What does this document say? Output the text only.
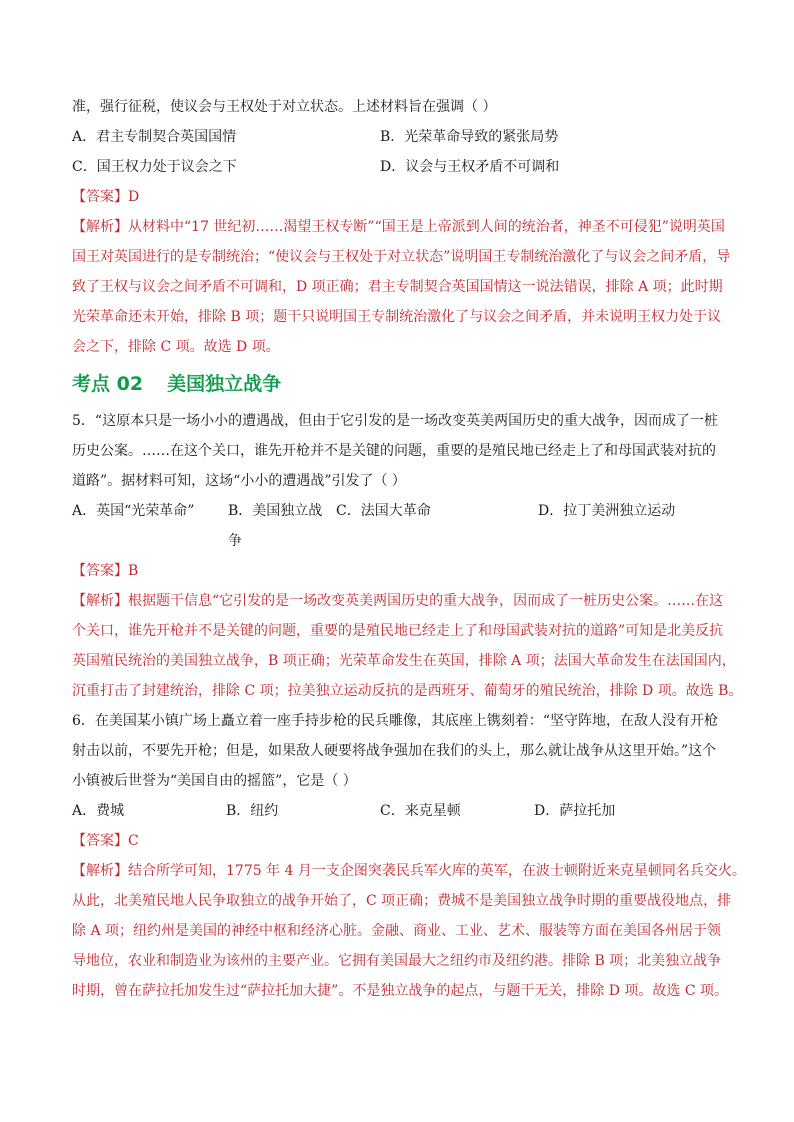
准，强行征税，使议会与王权处于对立状态。上述材料旨在强调（ ）
A．君主专制契合英国国情	B．光荣革命导致的紧张局势
C．国王权力处于议会之下	D．议会与王权矛盾不可调和
【答案】D
【解析】从材料中“17 世纪初……渴望王权专断”“国王是上帝派到人间的统治者，神圣不可侵犯”说明英国
国王对英国进行的是专制统治；“使议会与王权处于对立状态”说明国王专制统治激化了与议会之间矛盾，导
致了王权与议会之间矛盾不可调和，D 项正确；君主专制契合英国国情这一说法错误，排除 A 项；此时期
光荣革命还未开始，排除 B 项；题干只说明国王专制统治激化了与议会之间矛盾，并未说明王权力处于议
会之下，排除 C 项。故选 D 项。
考点 02 美国独立战争
5．“这原本只是一场小小的遭遇战，但由于它引发的是一场改变英美两国历史的重大战争，因而成了一桩
历史公案。……在这个关口，谁先开枪并不是关键的问题，重要的是殖民地已经走上了和母国武装对抗的
道路”。据材料可知，这场“小小的遭遇战”引发了（ ）
A．英国“光荣革命”	B．美国独立战争
C．法国大革命	D．拉丁美洲独立运动
【答案】B
【解析】根据题干信息“它引发的是一场改变英美两国历史的重大战争，因而成了一桩历史公案。……在这
个关口，谁先开枪并不是关键的问题，重要的是殖民地已经走上了和母国武装对抗的道路”可知是北美反抗
英国殖民统治的美国独立战争，B 项正确；光荣革命发生在英国，排除 A 项；法国大革命发生在法国国内，
沉重打击了封建统治，排除 C 项；拉美独立运动反抗的是西班牙、葡萄牙的殖民统治，排除 D 项。故选 B。
6．在美国某小镇广场上矗立着一座手持步枪的民兵雕像，其底座上镌刻着：“坚守阵地，在敌人没有开枪
射击以前，不要先开枪；但是，如果敌人硬要将战争强加在我们的头上，那么就让战争从这里开始。”这个
小镇被后世誉为“美国自由的摇篮”，它是（ ）
A．费城	B．纽约	C．来克星顿	D．萨拉托加
【答案】C
【解析】结合所学可知，1775 年 4 月一支企图突袭民兵军火库的英军，在波士顿附近来克星顿同名兵交火。
从此，北美殖民地人民争取独立的战争开始了，C 项正确；费城不是美国独立战争时期的重要战役地点，排
除 A 项；纽约州是美国的神经中枢和经济心脏。金融、商业、工业、艺术、服装等方面在美国各州居于领
导地位，农业和制造业为该州的主要产业。它拥有美国最大之纽约市及纽约港。排除 B 项；北美独立战争
时期，曾在萨拉托加发生过“萨拉托加大捷”。不是独立战争的起点，与题干无关，排除 D 项。故选 C 项。
